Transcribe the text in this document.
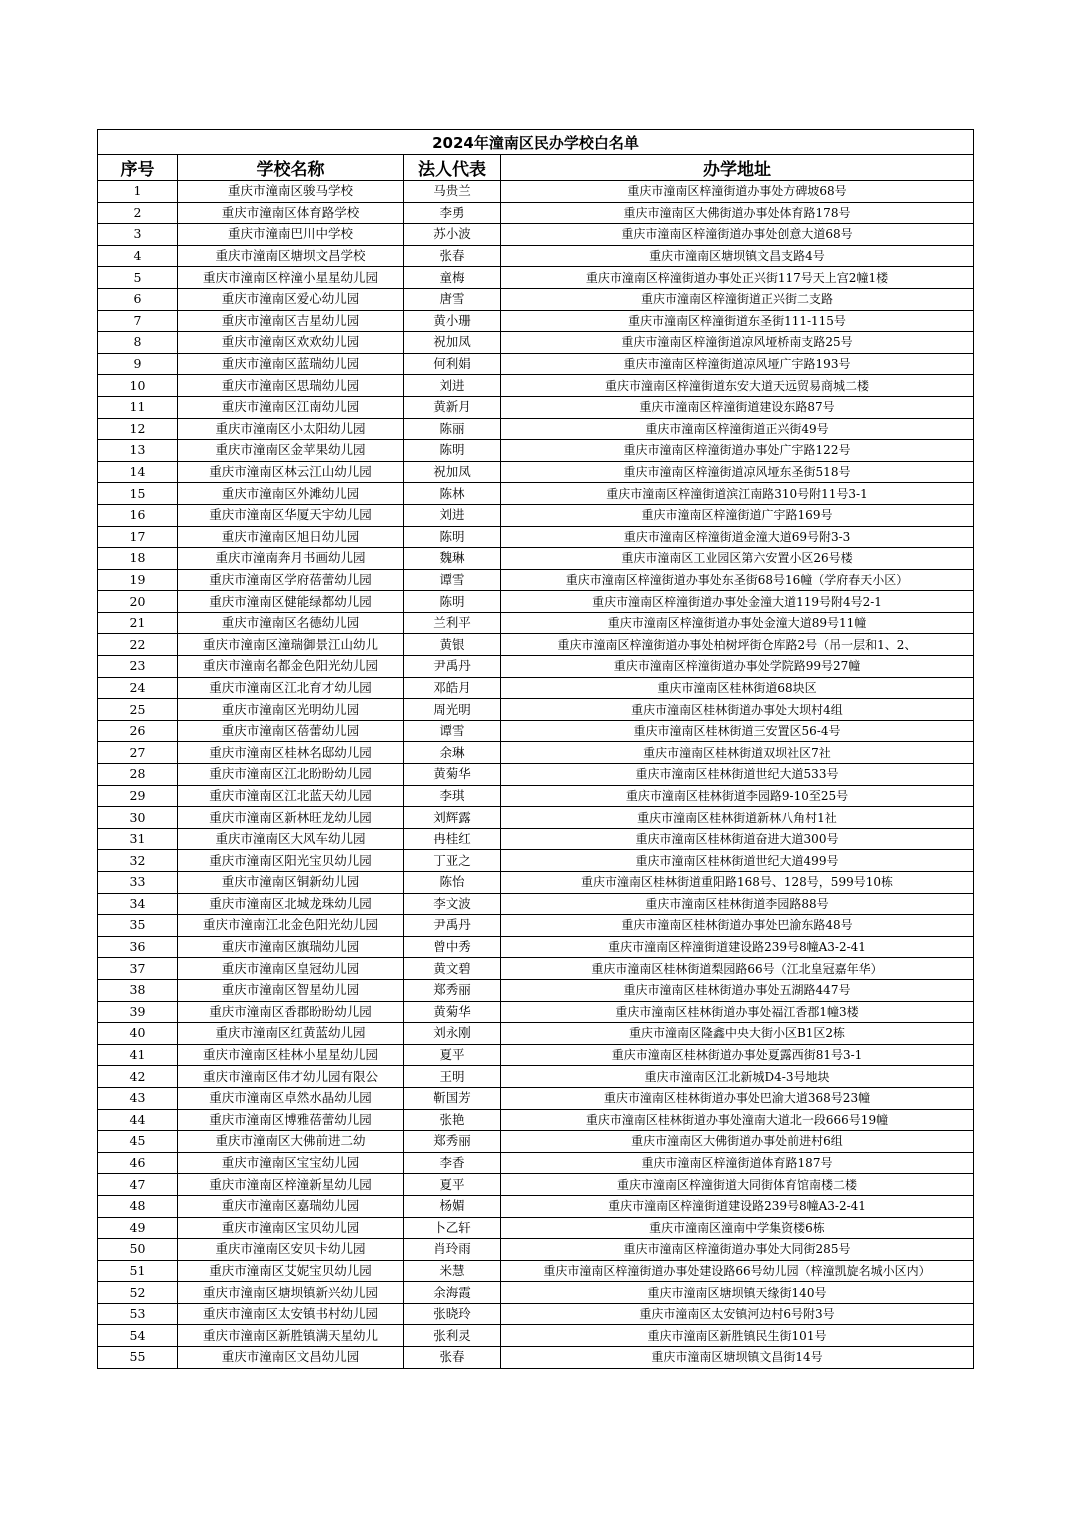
2024年潼南区民办学校白名单			
序号	学校名称	法人代表	办学地址
1	重庆市潼南区骏马学校	马贵兰	重庆市潼南区梓潼街道办事处方碑坡68号
2	重庆市潼南区体育路学校	李勇	重庆市潼南区大佛街道办事处体育路178号
3	重庆市潼南巴川中学校	苏小波	重庆市潼南区梓潼街道办事处创意大道68号
4	重庆市潼南区塘坝文昌学校	张春	重庆市潼南区塘坝镇文昌支路4号
5	重庆市潼南区梓潼小星星幼儿园	童梅	重庆市潼南区梓潼街道办事处正兴街117号天上宫2幢1楼
6	重庆市潼南区爱心幼儿园	唐雪	重庆市潼南区梓潼街道正兴街二支路
7	重庆市潼南区吉星幼儿园	黄小珊	重庆市潼南区梓潼街道东圣街111-115号
8	重庆市潼南区欢欢幼儿园	祝加凤	重庆市潼南区梓潼街道凉风垭桥南支路25号
9	重庆市潼南区蓝瑞幼儿园	何利娟	重庆市潼南区梓潼街道凉风垭广宇路193号
10	重庆市潼南区思瑞幼儿园	刘进	重庆市潼南区梓潼街道东安大道天远贸易商城二楼
11	重庆市潼南区江南幼儿园	黄新月	重庆市潼南区梓潼街道建设东路87号
12	重庆市潼南区小太阳幼儿园	陈丽	重庆市潼南区梓潼街道正兴街49号
13	重庆市潼南区金苹果幼儿园	陈明	重庆市潼南区梓潼街道办事处广宇路122号
14	重庆市潼南区林云江山幼儿园	祝加凤	重庆市潼南区梓潼街道凉风垭东圣街518号
15	重庆市潼南区外滩幼儿园	陈林	重庆市潼南区梓潼街道滨江南路310号附11号3-1
16	重庆市潼南区华厦天宇幼儿园	刘进	重庆市潼南区梓潼街道广宇路169号
17	重庆市潼南区旭日幼儿园	陈明	重庆市潼南区梓潼街道金潼大道69号附3-3
18	重庆市潼南奔月书画幼儿园	魏琳	重庆市潼南区工业园区第六安置小区26号楼
19	重庆市潼南区学府蓓蕾幼儿园	谭雪	重庆市潼南区梓潼街道办事处东圣街68号16幢（学府春天小区）
20	重庆市潼南区健能绿都幼儿园	陈明	重庆市潼南区梓潼街道办事处金潼大道119号附4号2-1
21	重庆市潼南区名德幼儿园	兰利平	重庆市潼南区梓潼街道办事处金潼大道89号11幢
22	重庆市潼南区潼瑞御景江山幼儿	黄银	重庆市潼南区梓潼街道办事处柏树坪街仓库路2号（吊一层和1、2、
23	重庆市潼南名都金色阳光幼儿园	尹禹丹	重庆市潼南区梓潼街道办事处学院路99号27幢
24	重庆市潼南区江北育才幼儿园	邓皓月	重庆市潼南区桂林街道68块区
25	重庆市潼南区光明幼儿园	周光明	重庆市潼南区桂林街道办事处大坝村4组
26	重庆市潼南区蓓蕾幼儿园	谭雪	重庆市潼南区桂林街道三安置区56-4号
27	重庆市潼南区桂林名邸幼儿园	余琳	重庆市潼南区桂林街道双坝社区7社
28	重庆市潼南区江北盼盼幼儿园	黄菊华	重庆市潼南区桂林街道世纪大道533号
29	重庆市潼南区江北蓝天幼儿园	李琪	重庆市潼南区桂林街道李园路9-10至25号
30	重庆市潼南区新林旺龙幼儿园	刘辉露	重庆市潼南区桂林街道新林八角村1社
31	重庆市潼南区大风车幼儿园	冉桂红	重庆市潼南区桂林街道奋进大道300号
32	重庆市潼南区阳光宝贝幼儿园	丁亚之	重庆市潼南区桂林街道世纪大道499号
33	重庆市潼南区铜新幼儿园	陈怡	重庆市潼南区桂林街道重阳路168号、128号，599号10栋
34	重庆市潼南区北城龙珠幼儿园	李文波	重庆市潼南区桂林街道李园路88号
35	重庆市潼南江北金色阳光幼儿园	尹禹丹	重庆市潼南区桂林街道办事处巴渝东路48号
36	重庆市潼南区旗瑞幼儿园	曾中秀	重庆市潼南区梓潼街道建设路239号8幢A3-2-41
37	重庆市潼南区皇冠幼儿园	黄文碧	重庆市潼南区桂林街道梨园路66号（江北皇冠嘉年华）
38	重庆市潼南区智星幼儿园	郑秀丽	重庆市潼南区桂林街道办事处五湖路447号
39	重庆市潼南区香郡盼盼幼儿园	黄菊华	重庆市潼南区桂林街道办事处福江香郡1幢3楼
40	重庆市潼南区红黄蓝幼儿园	刘永刚	重庆市潼南区隆鑫中央大街小区B1区2栋
41	重庆市潼南区桂林小星星幼儿园	夏平	重庆市潼南区桂林街道办事处夏露西街81号3-1
42	重庆市潼南区伟才幼儿园有限公	王明	重庆市潼南区江北新城D4-3号地块
43	重庆市潼南区卓然水晶幼儿园	靳国芳	重庆市潼南区桂林街道办事处巴渝大道368号23幢
44	重庆市潼南区博雅蓓蕾幼儿园	张艳	重庆市潼南区桂林街道办事处潼南大道北一段666号19幢
45	重庆市潼南区大佛前进二幼	郑秀丽	重庆市潼南区大佛街道办事处前进村6组
46	重庆市潼南区宝宝幼儿园	李香	重庆市潼南区梓潼街道体育路187号
47	重庆市潼南区梓潼新星幼儿园	夏平	重庆市潼南区梓潼街道大同街体育馆南楼二楼
48	重庆市潼南区嘉瑞幼儿园	杨媚	重庆市潼南区梓潼街道建设路239号8幢A3-2-41
49	重庆市潼南区宝贝幼儿园	卜乙轩	重庆市潼南区潼南中学集资楼6栋
50	重庆市潼南区安贝卡幼儿园	肖玲雨	重庆市潼南区梓潼街道办事处大同街285号
51	重庆市潼南区艾妮宝贝幼儿园	米慧	重庆市潼南区梓潼街道办事处建设路66号幼儿园（梓潼凯旋名城小区内）
52	重庆市潼南区塘坝镇新兴幼儿园	余海霞	重庆市潼南区塘坝镇天缘街140号
53	重庆市潼南区太安镇书村幼儿园	张晓玲	重庆市潼南区太安镇河边村6号附3号
54	重庆市潼南区新胜镇满天星幼儿	张利灵	重庆市潼南区新胜镇民生街101号
55	重庆市潼南区文昌幼儿园	张春	重庆市潼南区塘坝镇文昌街14号
